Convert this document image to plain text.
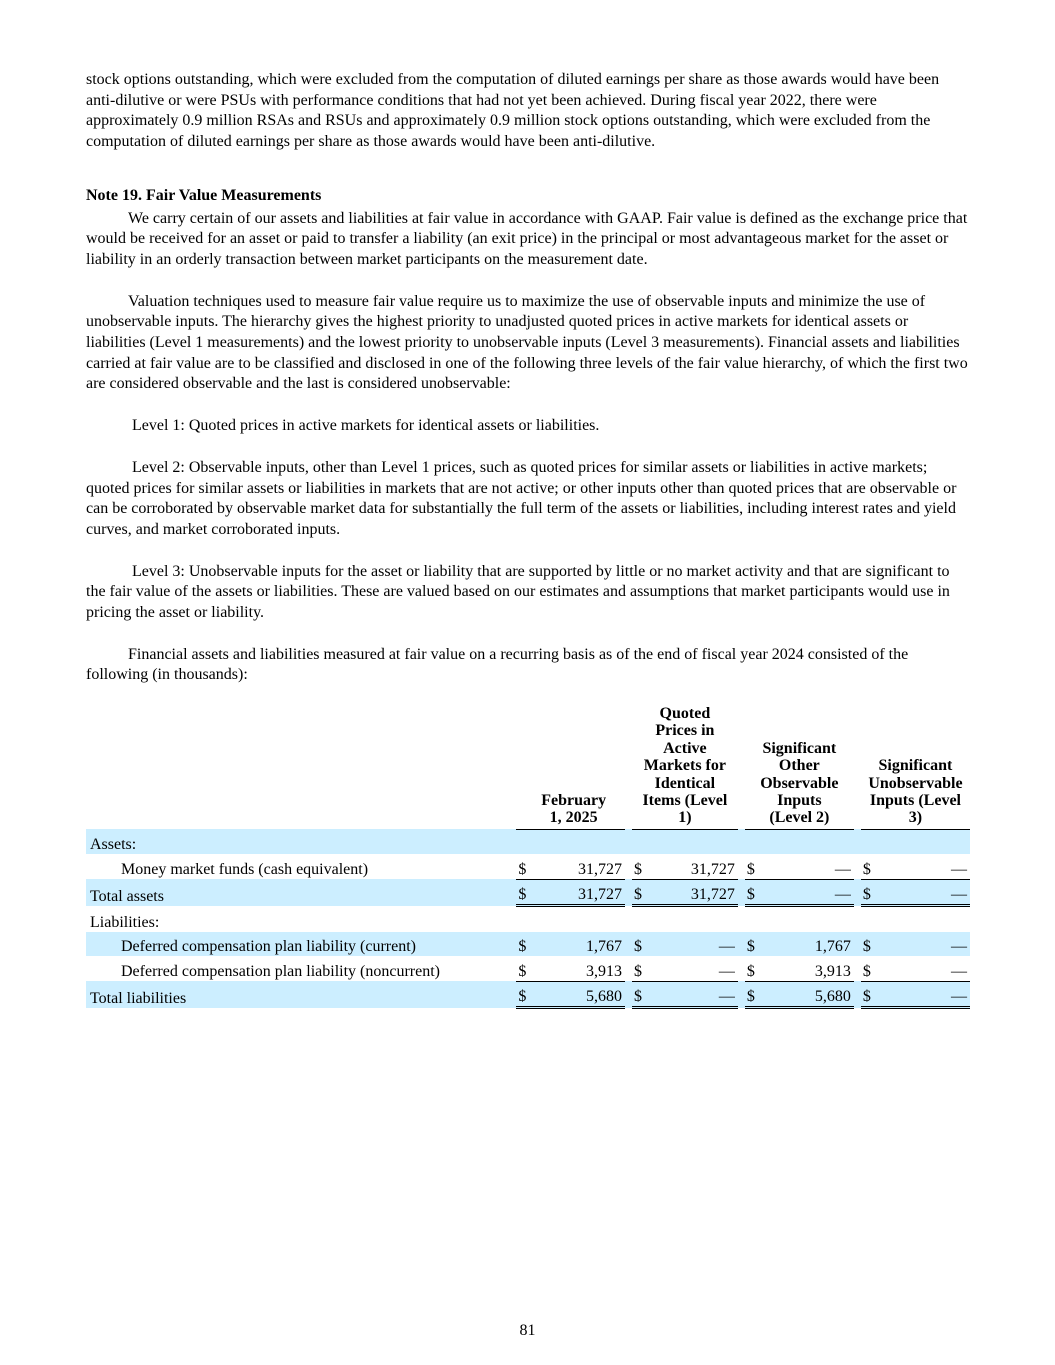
stock options outstanding, which were excluded from the computation of diluted earnings per share as those awards would have been anti-dilutive or were PSUs with performance conditions that had not yet been achieved. During fiscal year 2022, there were approximately 0.9 million RSAs and RSUs and approximately 0.9 million stock options outstanding, which were excluded from the computation of diluted earnings per share as those awards would have been anti-dilutive.

Note 19. Fair Value Measurements

We carry certain of our assets and liabilities at fair value in accordance with GAAP. Fair value is defined as the exchange price that would be received for an asset or paid to transfer a liability (an exit price) in the principal or most advantageous market for the asset or liability in an orderly transaction between market participants on the measurement date.

Valuation techniques used to measure fair value require us to maximize the use of observable inputs and minimize the use of unobservable inputs. The hierarchy gives the highest priority to unadjusted quoted prices in active markets for identical assets or liabilities (Level 1 measurements) and the lowest priority to unobservable inputs (Level 3 measurements). Financial assets and liabilities carried at fair value are to be classified and disclosed in one of the following three levels of the fair value hierarchy, of which the first two are considered observable and the last is considered unobservable:

Level 1: Quoted prices in active markets for identical assets or liabilities.

Level 2: Observable inputs, other than Level 1 prices, such as quoted prices for similar assets or liabilities in active markets; quoted prices for similar assets or liabilities in markets that are not active; or other inputs other than quoted prices that are observable or can be corroborated by observable market data for substantially the full term of the assets or liabilities, including interest rates and yield curves, and market corroborated inputs.

Level 3: Unobservable inputs for the asset or liability that are supported by little or no market activity and that are significant to the fair value of the assets or liabilities. These are valued based on our estimates and assumptions that market participants would use in pricing the asset or liability.

Financial assets and liabilities measured at fair value on a recurring basis as of the end of fiscal year 2024 consisted of the following (in thousands):

		February 1, 2025			Quoted Prices in Active Markets for Identical Items (Level 1)			Significant Other Observable Inputs (Level 2)			Significant Unobservable Inputs (Level 3)	
Assets:												
Money market funds (cash equivalent)		$	31,727		$	31,727		$	—		$	—
Total assets		$	31,727		$	31,727		$	—		$	—
Liabilities:												
Deferred compensation plan liability (current)		$	1,767		$	—		$	1,767		$	—
Deferred compensation plan liability (noncurrent)		$	3,913		$	—		$	3,913		$	—
Total liabilities		$	5,680		$	—		$	5,680		$	—
81
